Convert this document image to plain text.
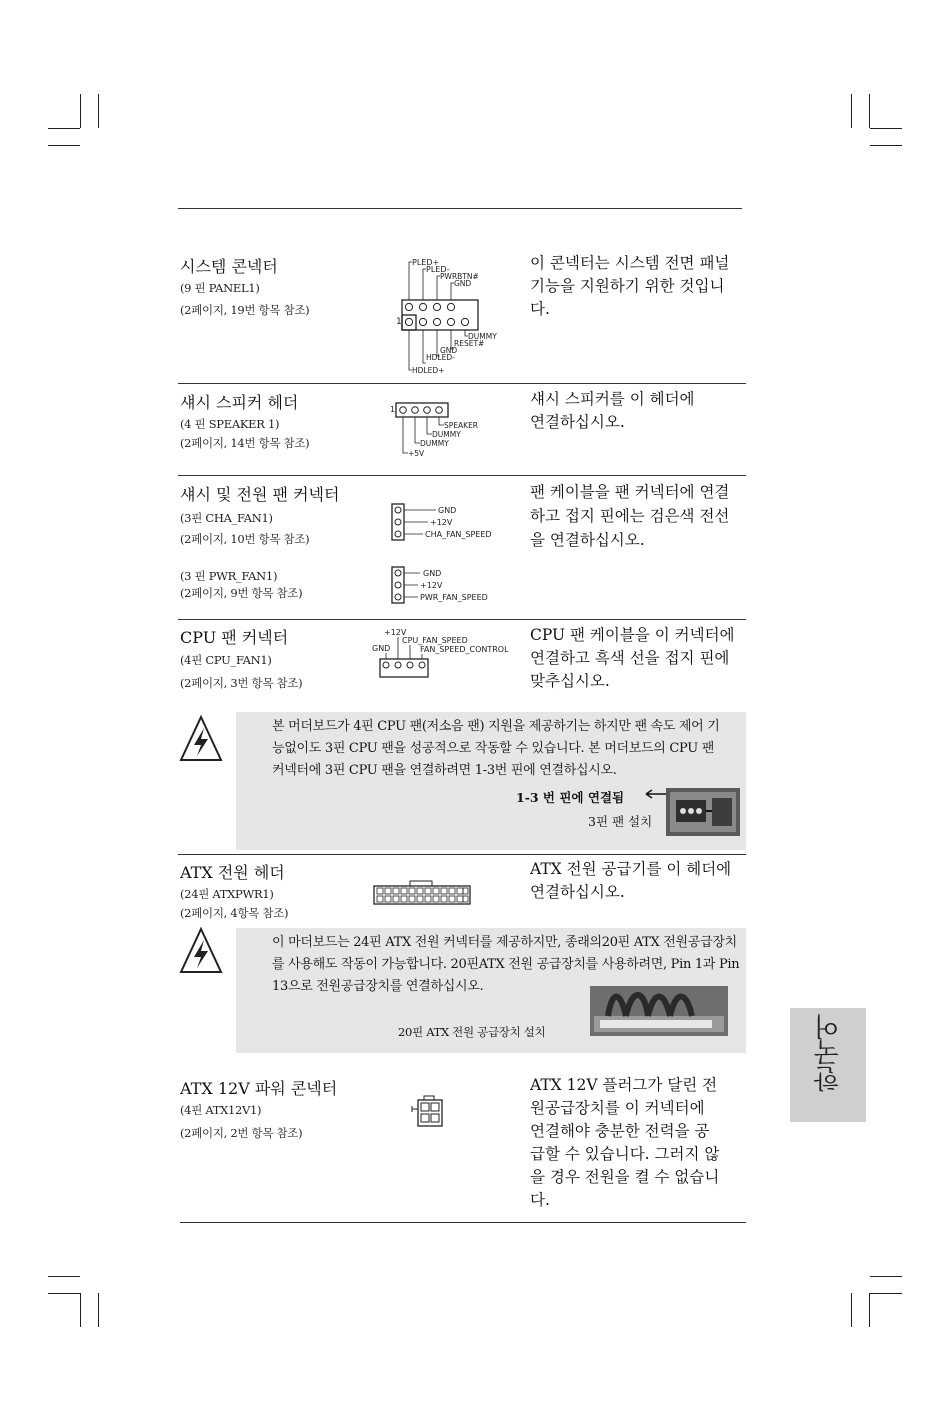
시스템 콘넥터
(9 핀 PANEL1)
(2페이지, 19번 항목 참조)
이 콘넥터는 시스템 전면 패널 기능을 지원하기 위한 것입니다.
1
PLED+
PLED-
PWRBTN#
GND
DUMMY
RESET#
GND
HDLED-
HDLED+
섀시 스피커 헤더
(4 핀 SPEAKER 1)
(2페이지, 14번 항목 참조)
섀시 스피커를 이 헤더에 연결하십시오.
1
SPEAKER
DUMMY
DUMMY
+5V
섀시 및 전원 팬 커넥터
(3핀 CHA_FAN1)
(2페이지, 10번 항목 참조)
(3 핀 PWR_FAN1)
(2페이지, 9번 항목 참조)
팬 케이블을 팬 커넥터에 연결하고 접지 핀에는 검은색 전선을 연결하십시오.
GND
+12V
CHA_FAN_SPEED
GND
+12V
PWR_FAN_SPEED
CPU 팬 커넥터
(4핀 CPU_FAN1)
(2페이지, 3번 항목 참조)
CPU 팬 케이블을 이 커넥터에 연결하고 흑색 선을 접지 핀에 맞추십시오.
+12V
CPU_FAN_SPEED
GND	FAN_SPEED_CONTROL
본 머더보드가 4핀 CPU 팬(저소음 팬) 지원을 제공하기는 하지만 팬 속도 제어 기능없이도 3핀 CPU 팬을 성공적으로 작동할 수 있습니다. 본 머더보드의 CPU 팬 커넥터에 3핀 CPU 팬을 연결하려면 1-3번 핀에 연결하십시오.
1-3 번 핀에 연결됨
3핀 팬 설치
ATX 전원 헤더
(24핀 ATXPWR1)
(2페이지, 4항목 참조)
ATX 전원 공급기를 이 헤더에 연결하십시오.
이 마더보드는 24핀 ATX 전원 커넥터를 제공하지만, 종래의20핀 ATX 전원공급장치를 사용해도 작동이 가능합니다. 20핀ATX 전원 공급장치를 사용하려면, Pin 1과 Pin 13으로 전원공급장치를 연결하십시오.
20핀 ATX 전원 공급장치 설치
ATX 12V 파워 콘넥터
(4핀 ATX12V1)
(2페이지, 2번 항목 참조)
ATX 12V 플러그가 달린 전원공급장치를 이 커넥터에 연결해야 충분한 전력을 공급할 수 있습니다. 그러지 않을 경우 전원을 켤 수 없습니다.
한국어
